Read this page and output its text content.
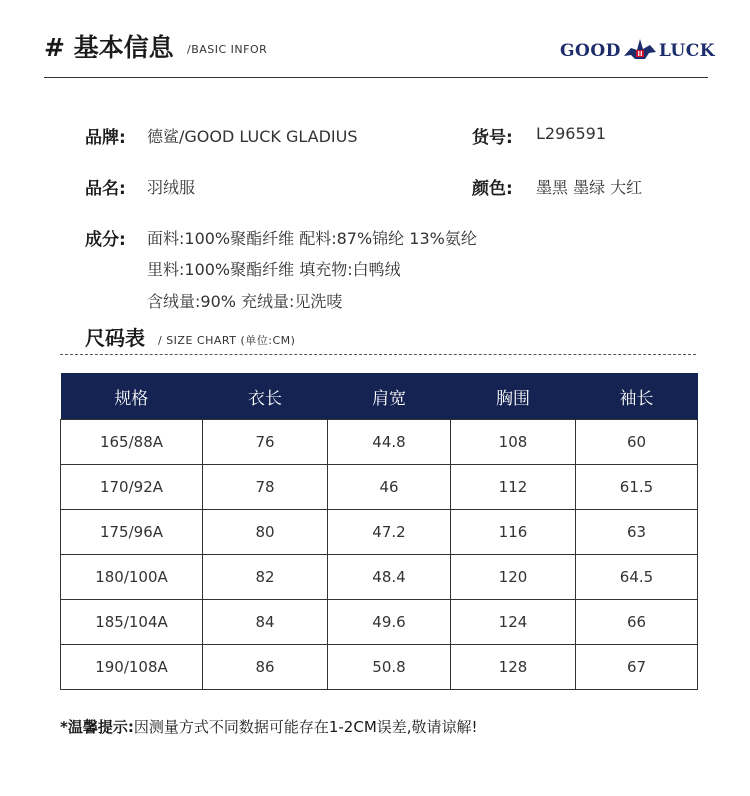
# 基本信息 /BASIC INFOR	GOOD LUCK
品牌: 德鲨/GOOD LUCK GLADIUS	货号: L296591
品名: 羽绒服	颜色: 墨黑 墨绿 大红
成分: 面料:100%聚酯纤维 配料:87%锦纶 13%氨纶
里料:100%聚酯纤维 填充物:白鸭绒
含绒量:90% 充绒量:见洗唛
尺码表 / SIZE CHART (单位:CM)
规格	衣长	肩宽	胸围	袖长
165/88A	76	44.8	108	60
170/92A	78	46	112	61.5
175/96A	80	47.2	116	63
180/100A	82	48.4	120	64.5
185/104A	84	49.6	124	66
190/108A	86	50.8	128	67
*温馨提示:因测量方式不同数据可能存在1-2CM误差,敬请谅解!
